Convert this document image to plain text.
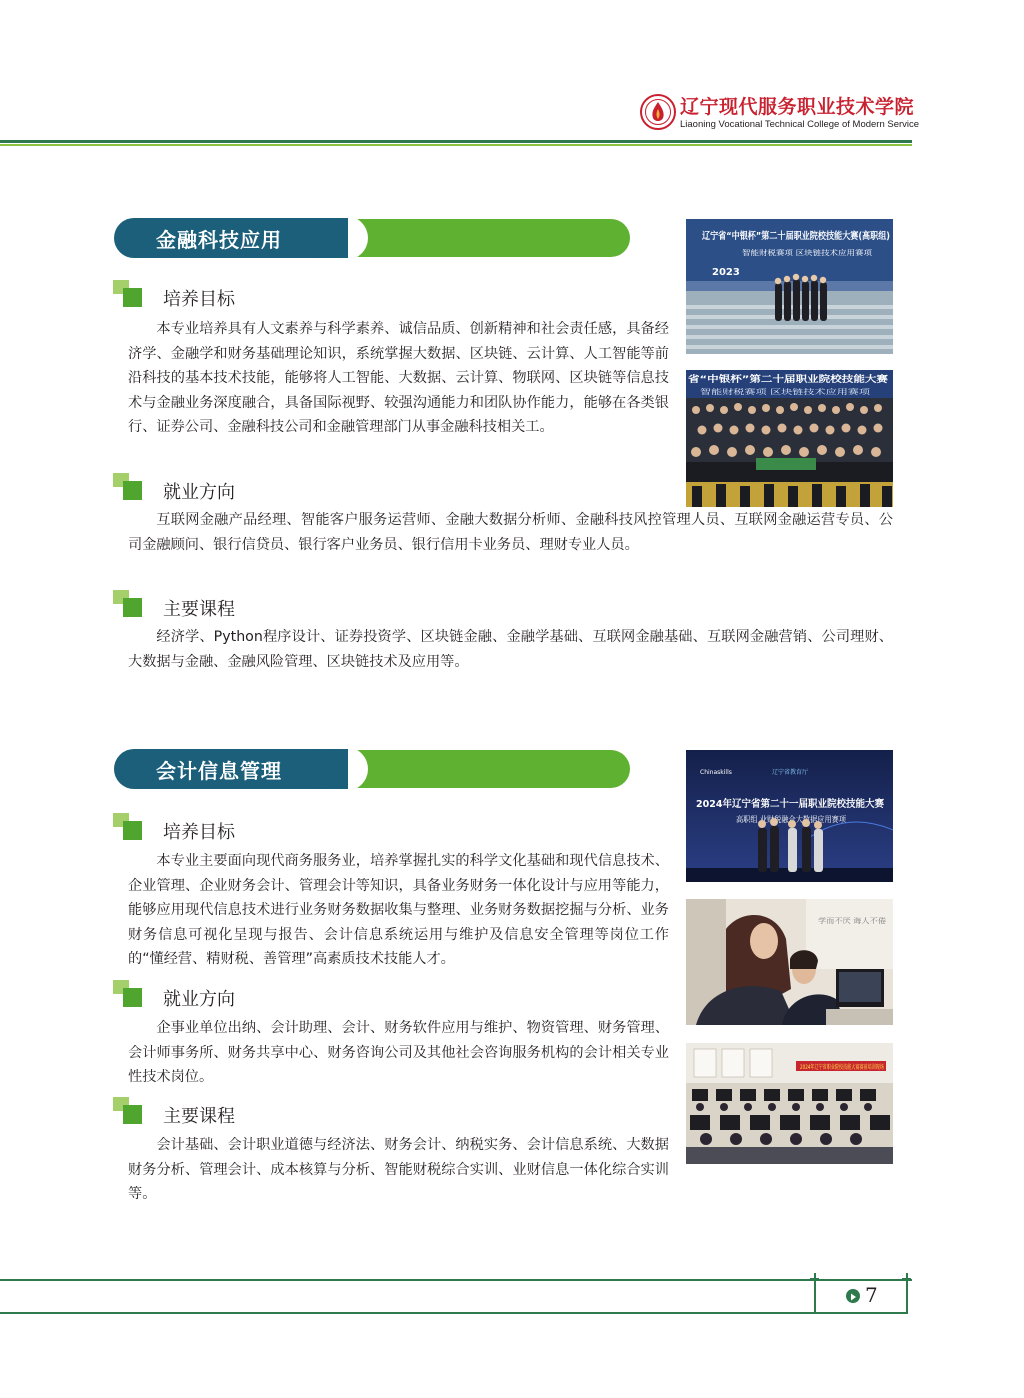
辽宁现代服务职业技术学院
Liaoning Vocational Technical College of Modern Service
金融科技应用
培养目标

本专业培养具有人文素养与科学素养、诚信品质、创新精神和社会责任感，具备经济学、金融学和财务基础理论知识，系统掌握大数据、区块链、云计算、人工智能等前沿科技的基本技术技能，能够将人工智能、大数据、云计算、物联网、区块链等信息技术与金融业务深度融合，具备国际视野、较强沟通能力和团队协作能力，能够在各类银行、证券公司、金融科技公司和金融管理部门从事金融科技相关工。

就业方向

互联网金融产品经理、智能客户服务运营师、金融大数据分析师、金融科技风控管理人员、互联网金融运营专员、公司金融顾问、银行信贷员、银行客户业务员、银行信用卡业务员、理财专业人员。

主要课程

经济学、Python程序设计、证券投资学、区块链金融、金融学基础、互联网金融基础、互联网金融营销、公司理财、大数据与金融、金融风险管理、区块链技术及应用等。

辽宁省“中银杯”第二十届职业院校技能大赛(高职组)
智能财税赛项 区块链技术应用赛项
2023
省“中银杯”第二十届职业院校技能大赛
智能财税赛项 区块链技术应用赛项
会计信息管理
培养目标

本专业主要面向现代商务服务业，培养掌握扎实的科学文化基础和现代信息技术、企业管理、企业财务会计、管理会计等知识，具备业务财务一体化设计与应用等能力，能够应用现代信息技术进行业务财务数据收集与整理、业务财务数据挖掘与分析、业务财务信息可视化呈现与报告、会计信息系统运用与维护及信息安全管理等岗位工作的“懂经营、精财税、善管理”高素质技术技能人才。

就业方向

企事业单位出纳、会计助理、会计、财务软件应用与维护、物资管理、财务管理、会计师事务所、财务共享中心、财务咨询公司及其他社会咨询服务机构的会计相关专业性技术岗位。

主要课程

会计基础、会计职业道德与经济法、财务会计、纳税实务、会计信息系统、大数据财务分析、管理会计、成本核算与分析、智能财税综合实训、业财信息一体化综合实训等。

Chinaskills	辽宁省教育厅
2024年辽宁省第二十一届职业院校技能大赛
高职组 业财税融合大数据应用赛项
学而不厌 诲人不倦
2024年辽宁省职业院校技能大赛赛前培训现场
7
